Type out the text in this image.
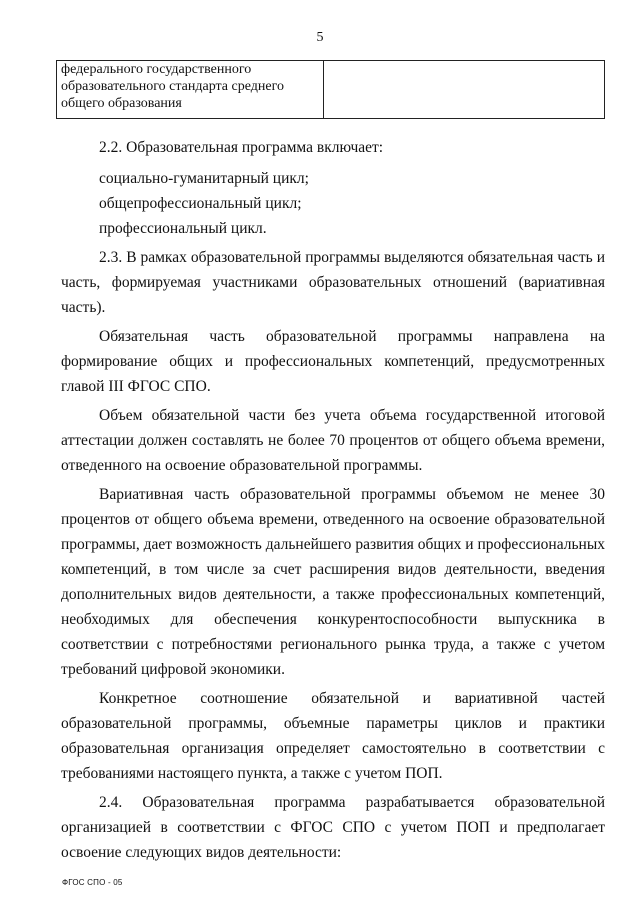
5
федерального государственного
образовательного стандарта среднего
общего образования

2.2. Образовательная программа включает:

социально-гуманитарный цикл;

общепрофессиональный цикл;

профессиональный цикл.

2.3. В рамках образовательной программы выделяются обязательная часть и часть, формируемая участниками образовательных отношений (вариативная часть).

Обязательная часть образовательной программы направлена на формирование общих и профессиональных компетенций, предусмотренных главой III ФГОС СПО.

Объем обязательной части без учета объема государственной итоговой аттестации должен составлять не более 70 процентов от общего объема времени, отведенного на освоение образовательной программы.

Вариативная часть образовательной программы объемом не менее 30 процентов от общего объема времени, отведенного на освоение образовательной программы, дает возможность дальнейшего развития общих и профессиональных компетенций, в том числе за счет расширения видов деятельности, введения дополнительных видов деятельности, а также профессиональных компетенций, необходимых для обеспечения конкурентоспособности выпускника в соответствии с потребностями регионального рынка труда, а также с учетом требований цифровой экономики.

Конкретное соотношение обязательной и вариативной частей образовательной программы, объемные параметры циклов и практики образовательная организация определяет самостоятельно в соответствии с требованиями настоящего пункта, а также с учетом ПОП.

2.4. Образовательная программа разрабатывается образовательной организацией в соответствии с ФГОС СПО с учетом ПОП и предполагает освоение следующих видов деятельности:

ФГОС СПО - 05
